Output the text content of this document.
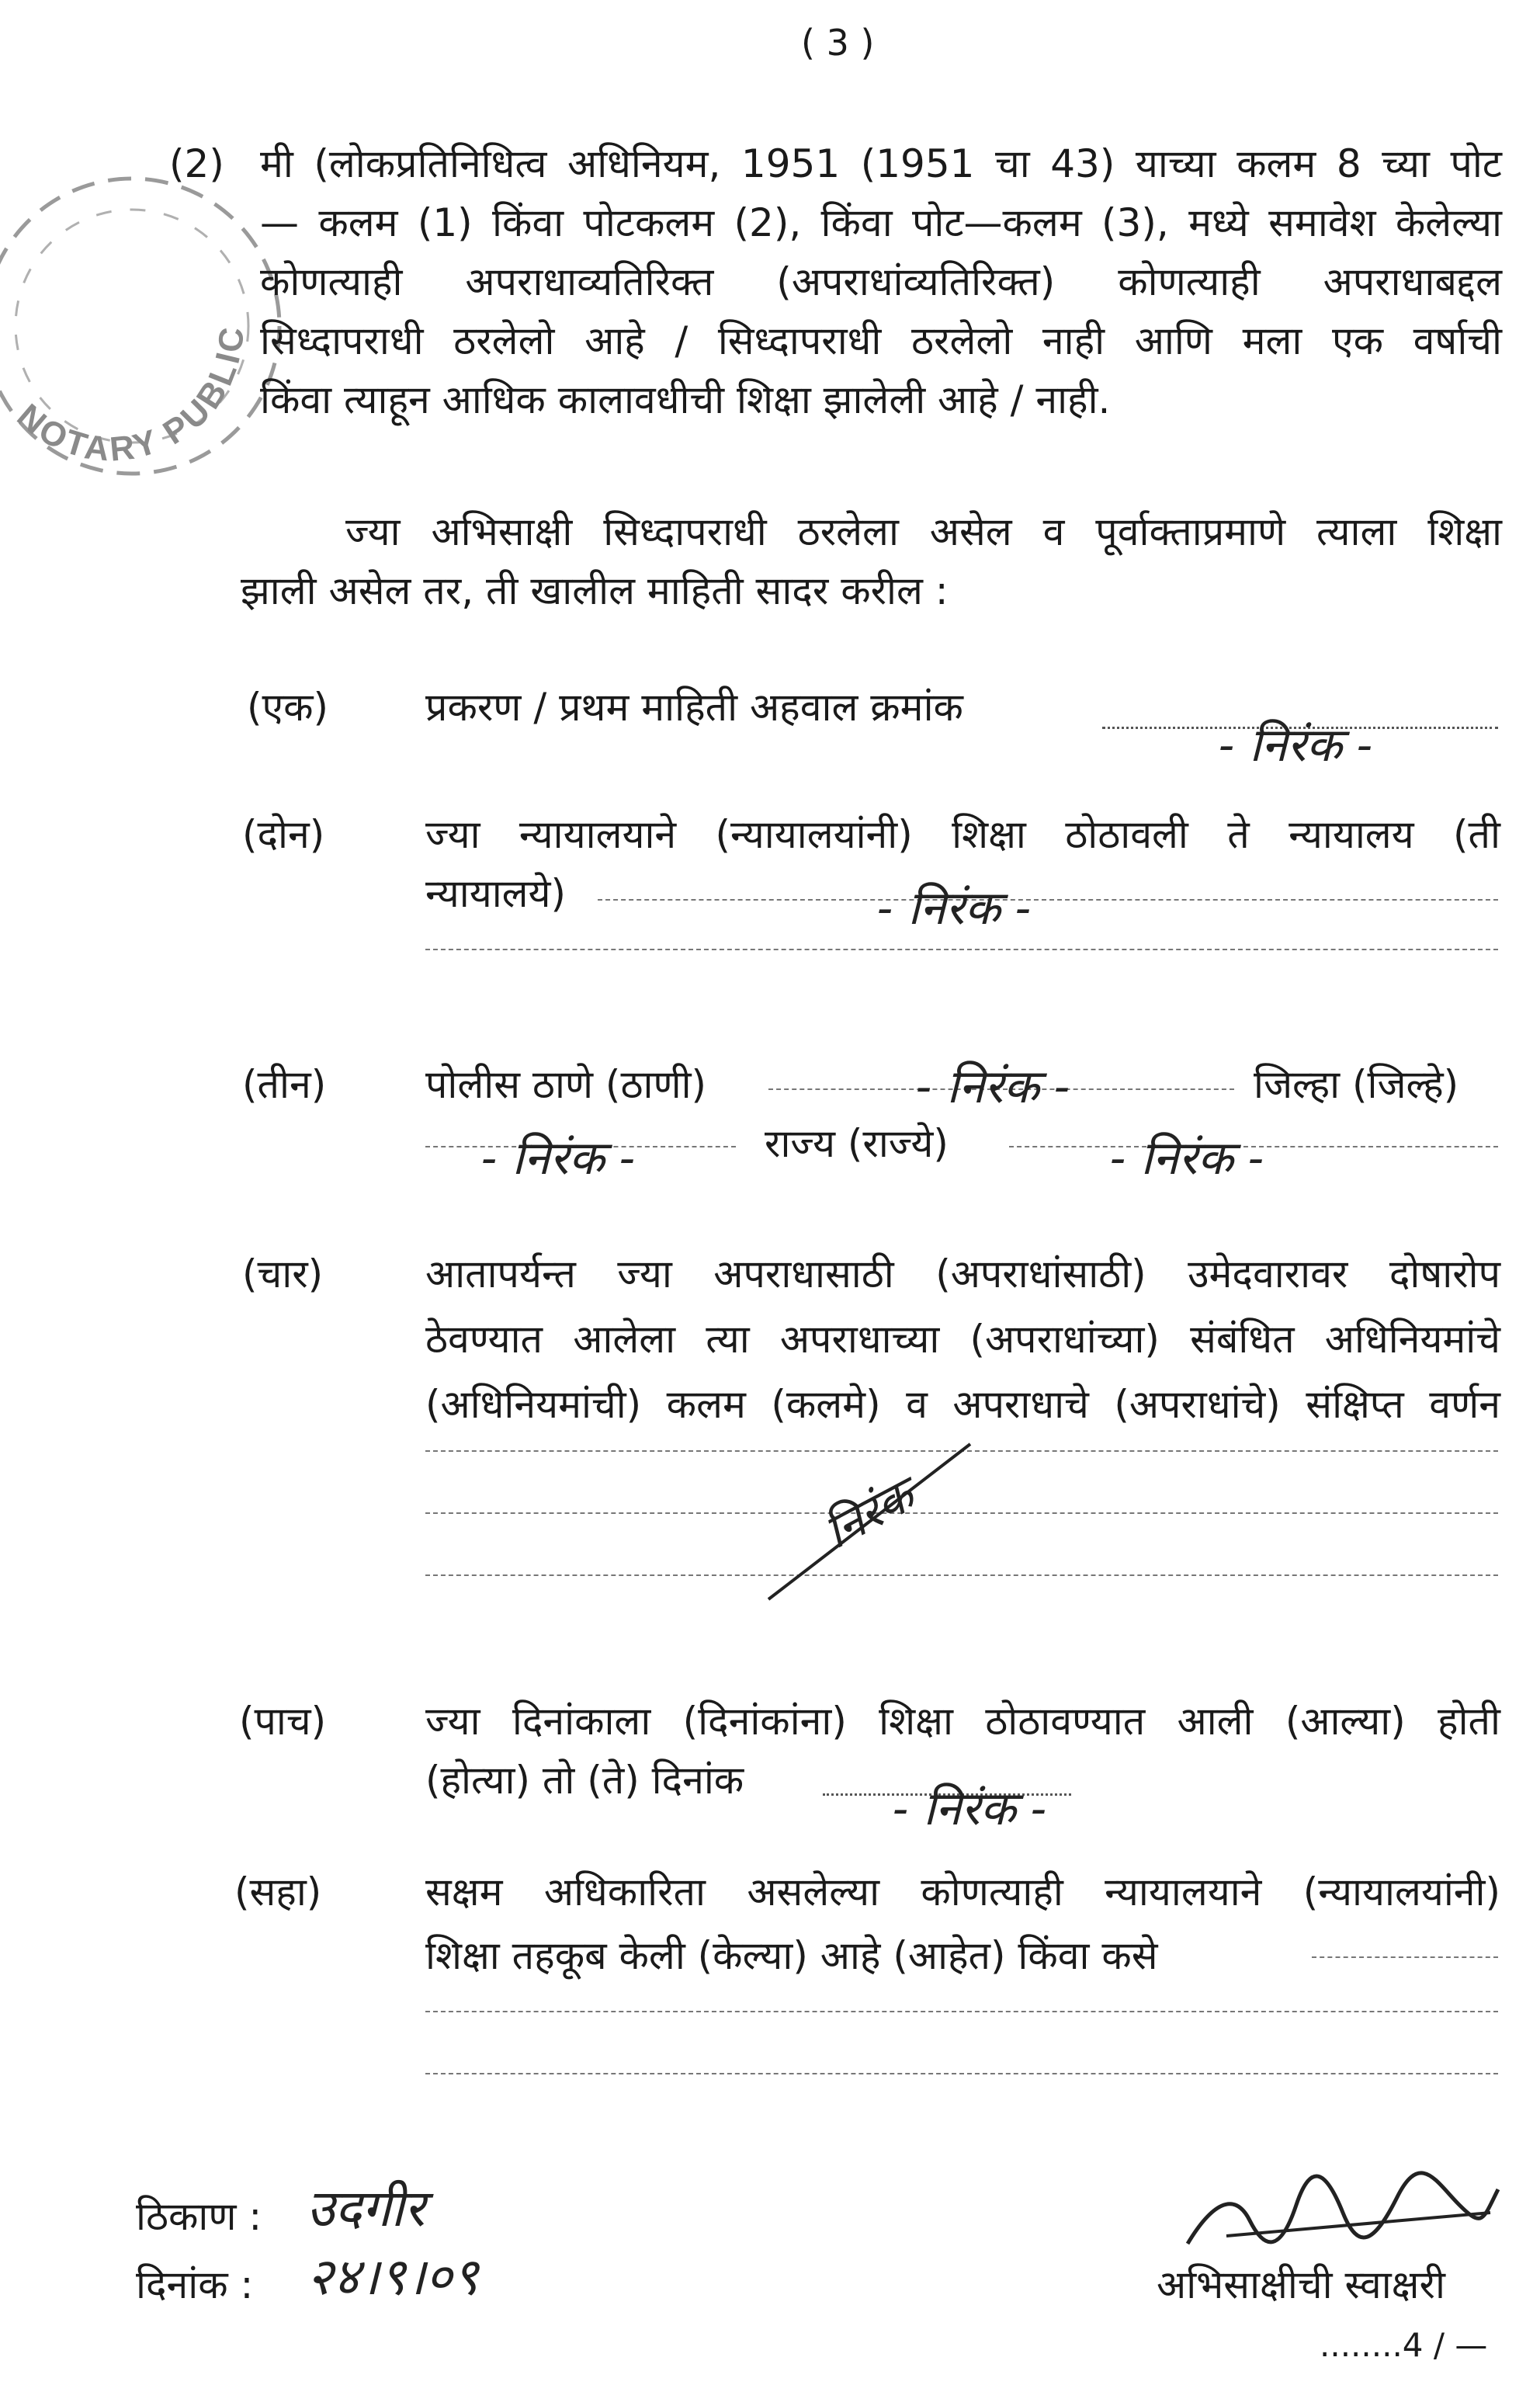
NOTARY PUBLIC
( 3 )
(2) मी (लोकप्रतिनिधित्व अधिनियम, 1951 (1951 चा 43) याच्या कलम 8 च्या पोट
— कलम (1) किंवा पोटकलम (2), किंवा पोट—कलम (3), मध्ये समावेश केलेल्या
कोणत्याही अपराधाव्यतिरिक्त (अपराधांव्यतिरिक्त) कोणत्याही अपराधाबद्दल
सिध्दापराधी ठरलेलो आहे / सिध्दापराधी ठरलेलो नाही आणि मला एक वर्षाची
किंवा त्याहून आधिक कालावधीची शिक्षा झालेली आहे / नाही.
ज्या अभिसाक्षी सिध्दापराधी ठरलेला असेल व पूर्वाक्ताप्रमाणे त्याला शिक्षा
झाली असेल तर, ती खालील माहिती सादर करील :
(एक) प्रकरण / प्रथम माहिती अहवाल क्रमांक
- निरंक -
(दोन)	ज्या न्यायालयाने (न्यायालयांनी) शिक्षा ठोठावली ते न्यायालय (ती
न्यायालये)	- निरंक -
(तीन)	पोलीस ठाणे (ठाणी)	- निरंक -	जिल्हा (जिल्हे)
- निरंक -	राज्य (राज्ये)	- निरंक -
(चार)	आतापर्यन्त ज्या अपराधासाठी (अपराधांसाठी) उमेदवारावर दोषारोप
ठेवण्यात आलेला त्या अपराधाच्या (अपराधांच्या) संबंधित अधिनियमांचे
(अधिनियमांची) कलम (कलमे) व अपराधाचे (अपराधांचे) संक्षिप्त वर्णन
निरंक
(पाच)	ज्या दिनांकाला (दिनांकांना) शिक्षा ठोठावण्यात आली (आल्या) होती
(होत्या) तो (ते) दिनांक
- निरंक -
(सहा)	सक्षम अधिकारिता असलेल्या कोणत्याही न्यायालयाने (न्यायालयांनी)
शिक्षा तहकूब केली (केल्या) आहे (आहेत) किंवा कसे
ठिकाण : उदगीर
दिनांक : २४।९।०९	अभिसाक्षीची स्वाक्षरी
........4 / —
